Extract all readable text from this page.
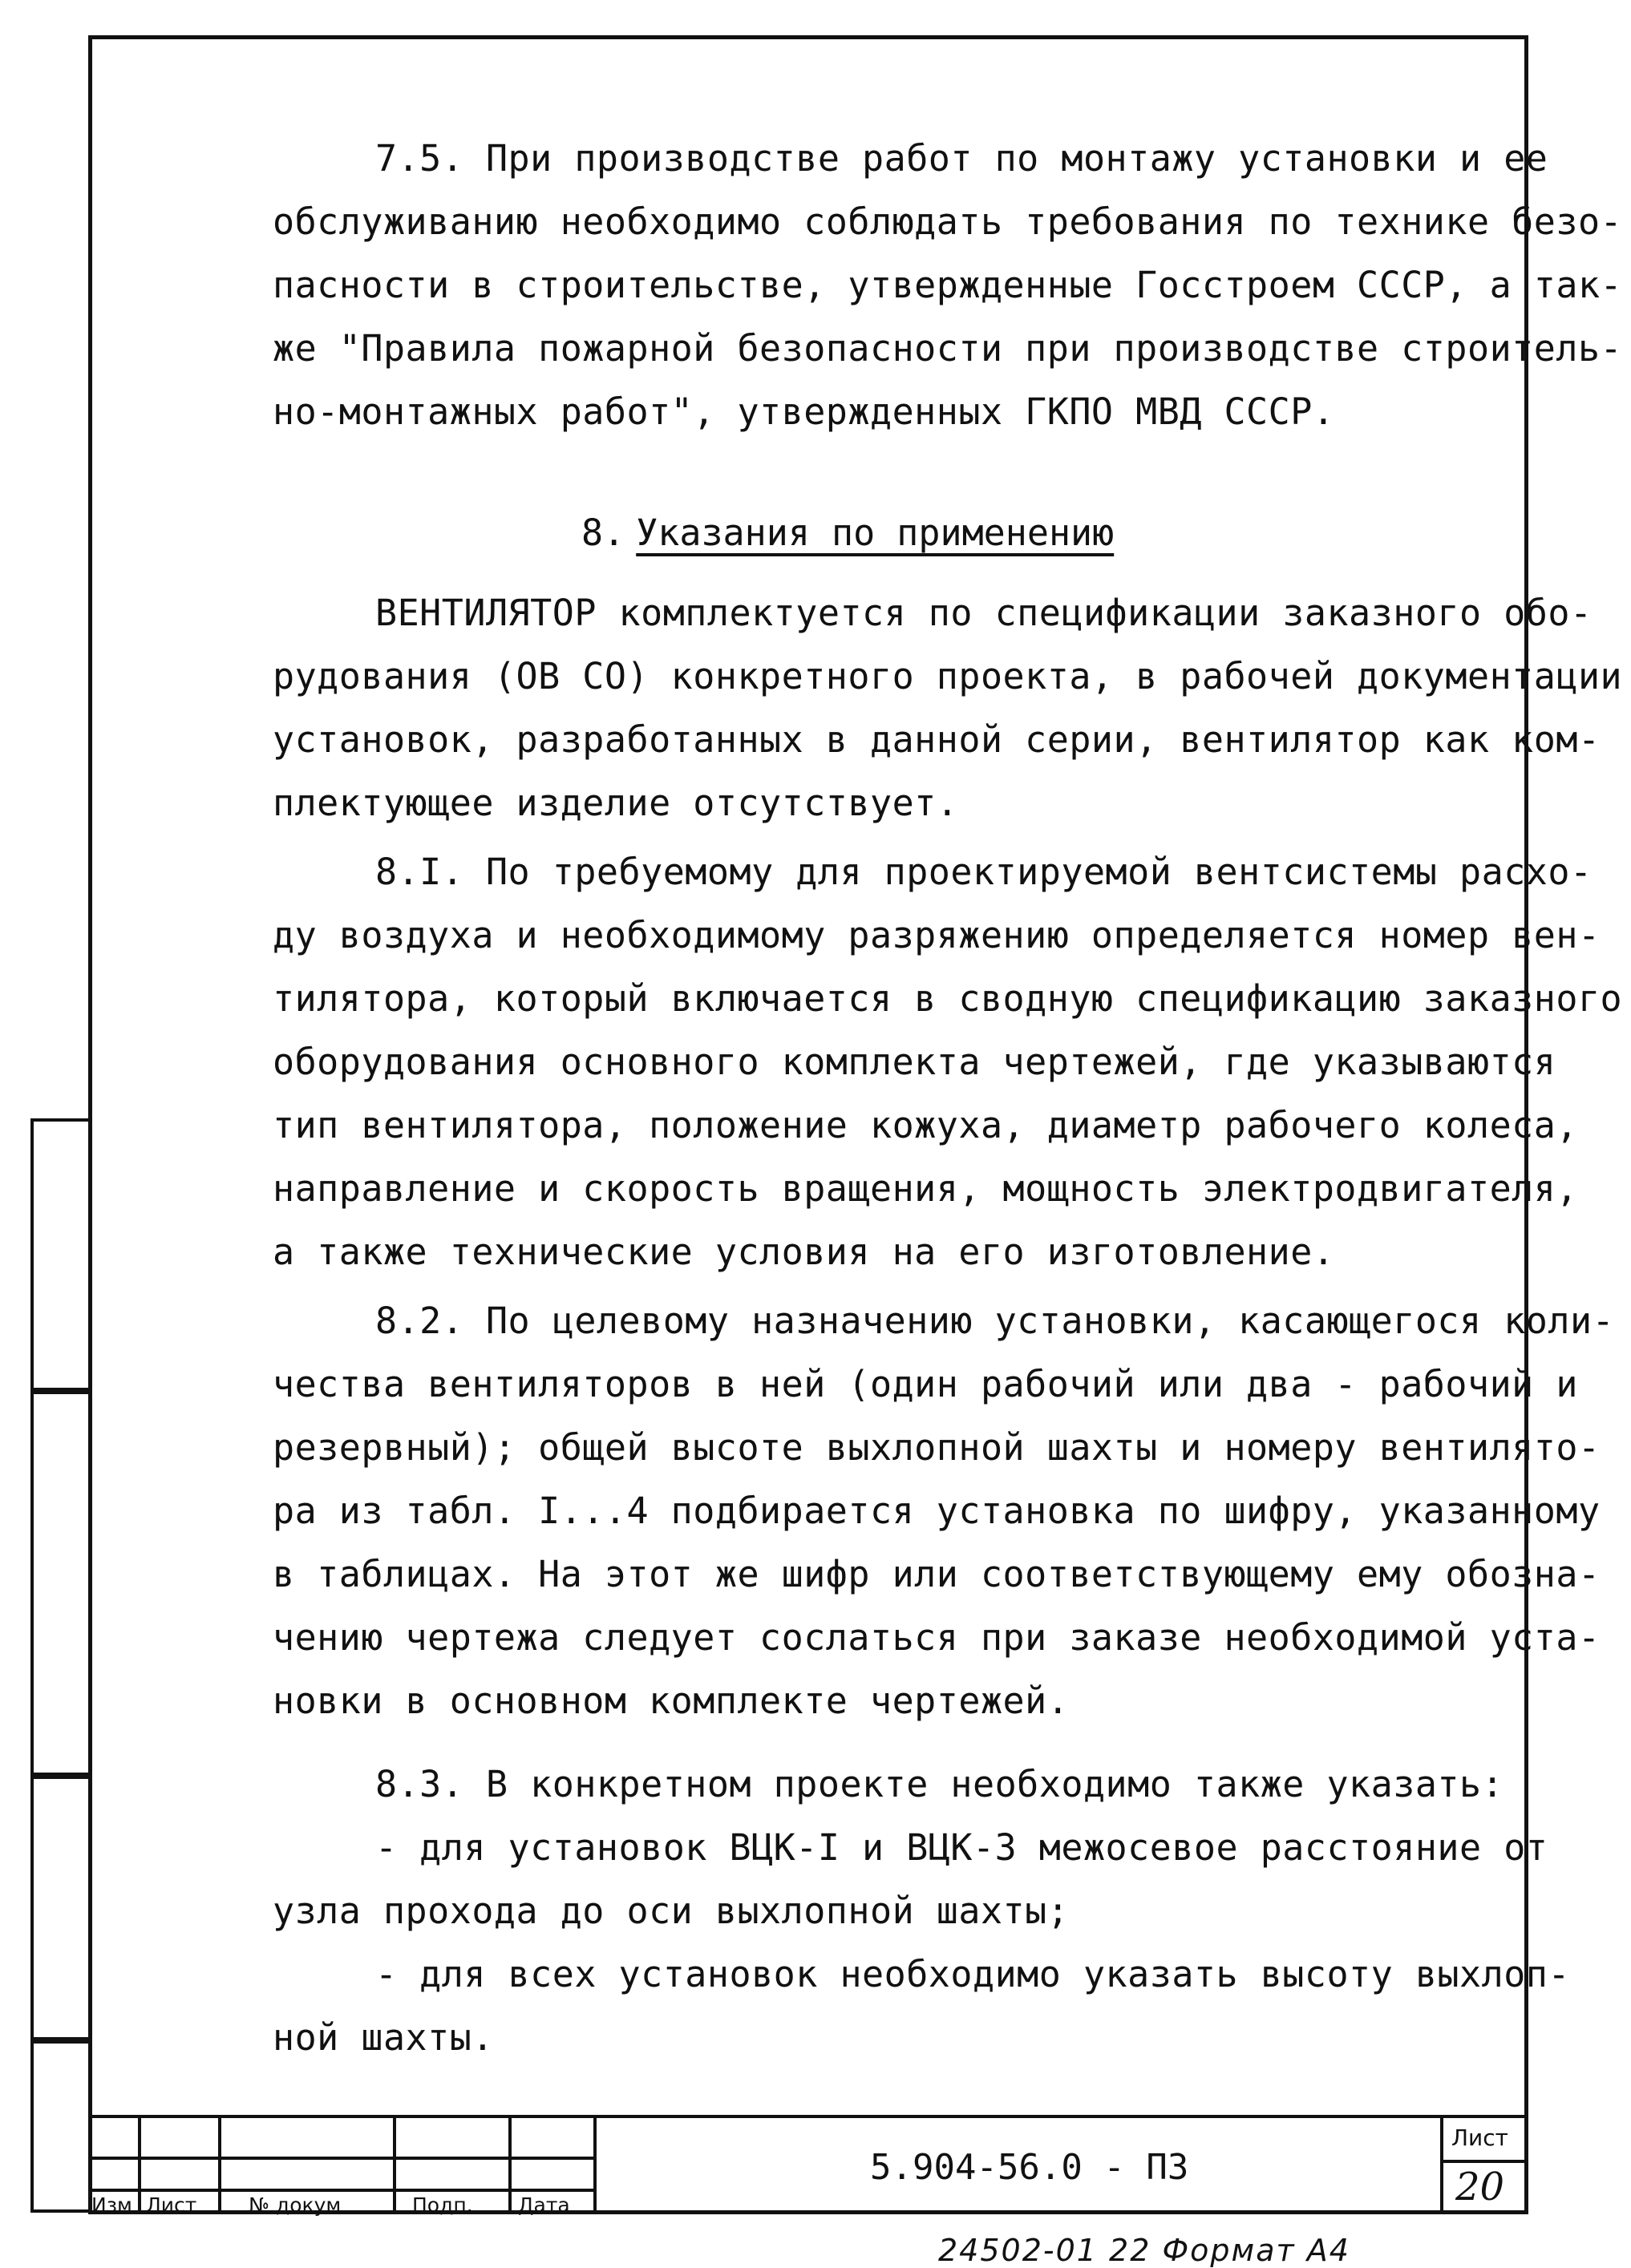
7.5. При производстве работ по монтажу установки и ее
обслуживанию необходимо соблюдать требования по технике безо-
пасности в строительстве, утвержденные Госстроем СССР, а так-
же "Правила пожарной безопасности при производстве строитель-
но-монтажных работ", утвержденных ГКПО МВД СССР.
8. Указания по применению
ВЕНТИЛЯТОР комплектуется по спецификации заказного обо-
рудования (ОВ СО) конкретного проекта, в рабочей документации
установок, разработанных в данной серии, вентилятор как ком-
плектующее изделие отсутствует.
8.I. По требуемому для проектируемой вентсистемы расхо-
ду воздуха и необходимому разряжению определяется номер вен-
тилятора, который включается в сводную спецификацию заказного
оборудования основного комплекта чертежей, где указываются
тип вентилятора, положение кожуха, диаметр рабочего колеса,
направление и скорость вращения, мощность электродвигателя,
а также технические условия на его изготовление.
8.2. По целевому назначению установки, касающегося коли-
чества вентиляторов в ней (один рабочий или два - рабочий и
резервный); общей высоте выхлопной шахты и номеру вентилято-
ра из табл. I...4 подбирается установка по шифру, указанному
в таблицах. На этот же шифр или соответствующему ему обозна-
чению чертежа следует сослаться при заказе необходимой уста-
новки в основном комплекте чертежей.
8.3. В конкретном проекте необходимо также указать:
- для установок ВЦК-I и ВЦК-3 межосевое расстояние от
узла прохода до оси выхлопной шахты;
- для всех установок необходимо указать высоту выхлоп-
ной шахты.
Изм Лист	№ докум	Подп. Дата
5.904-56.0 - ПЗ
Лист
20
24502-01 22 Формат А4
